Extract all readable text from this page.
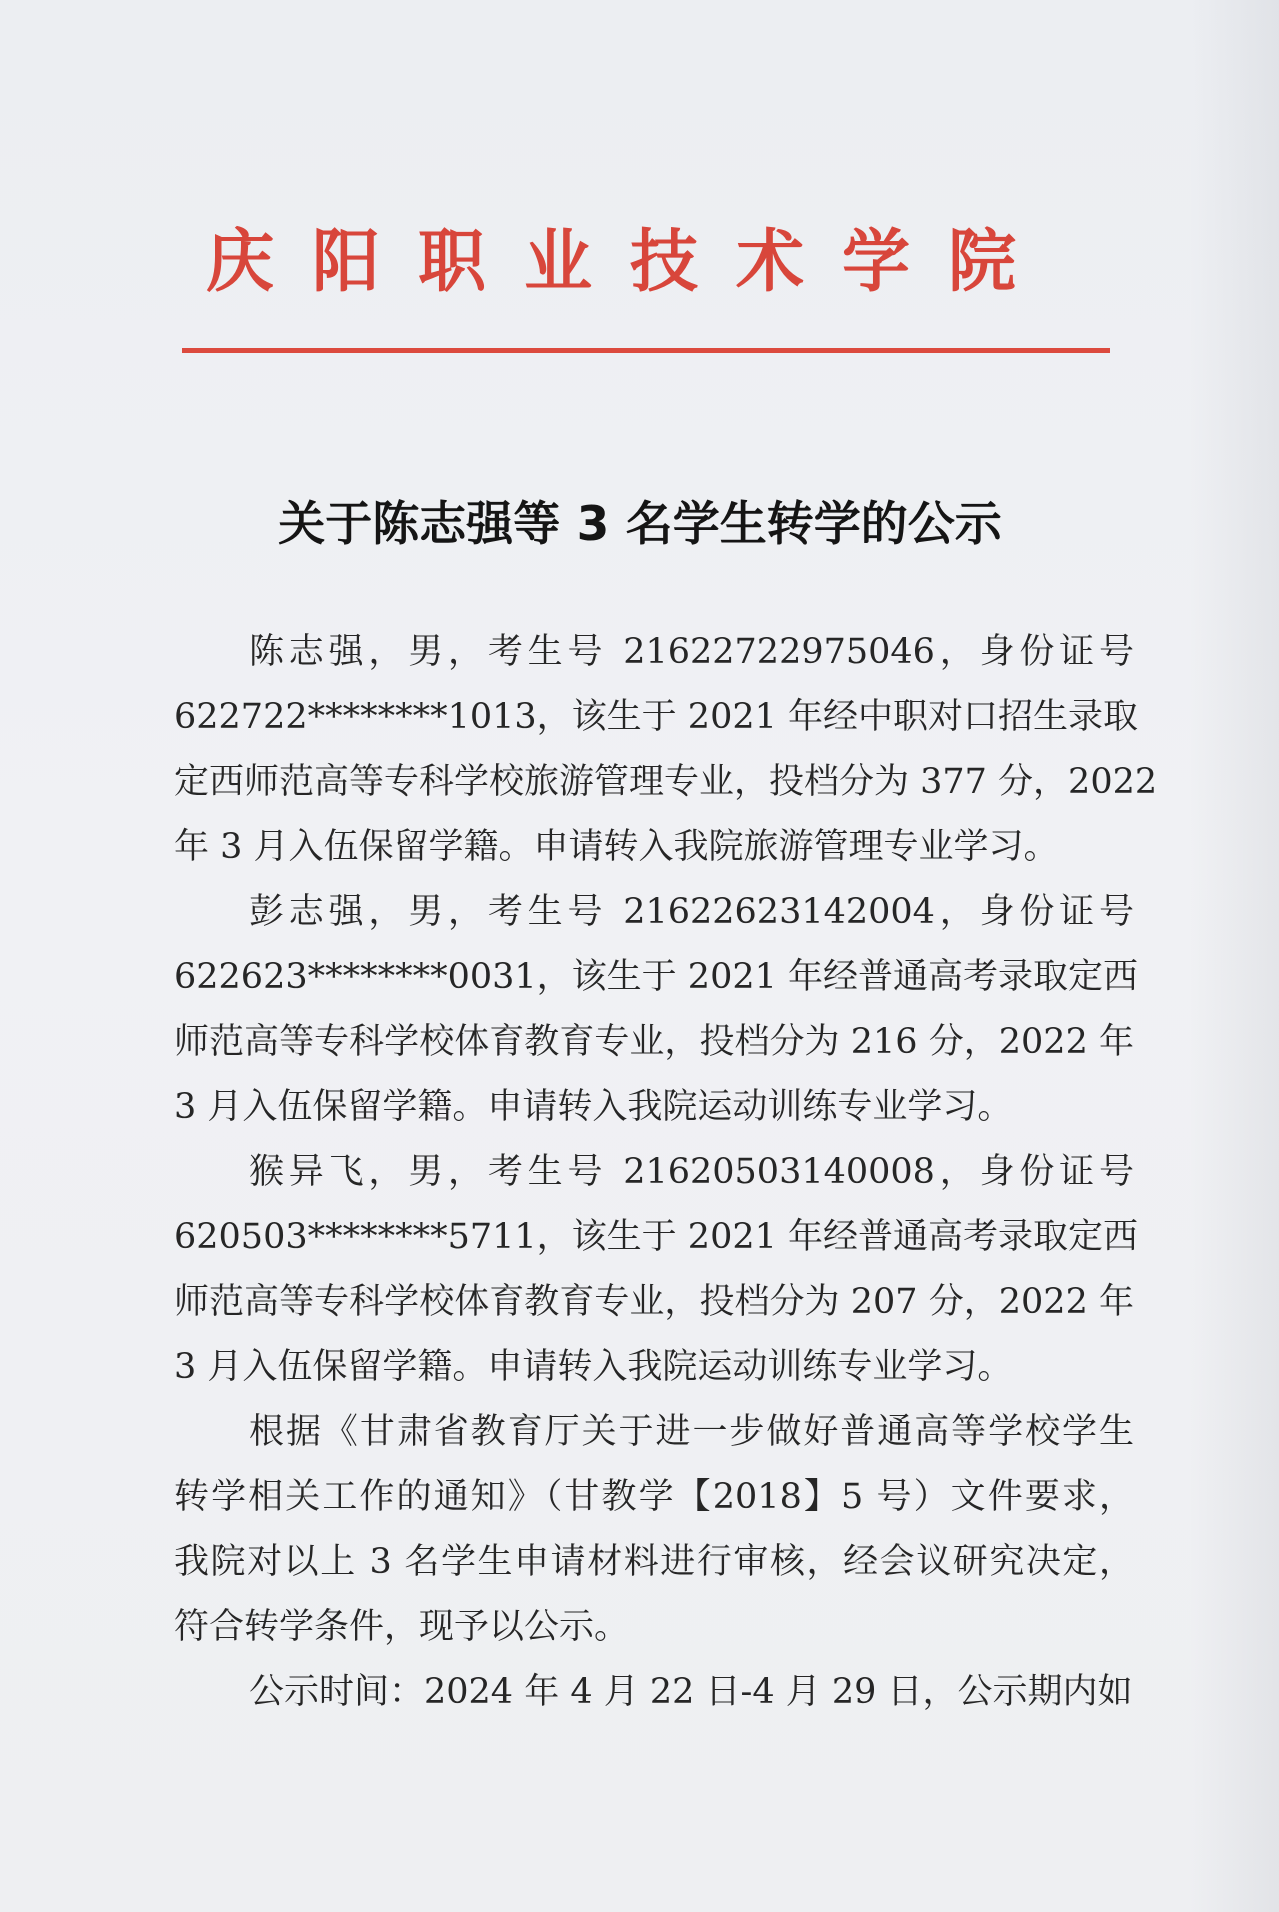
庆阳职业技术学院
关于陈志强等 3 名学生转学的公示
陈志强，男，考生号 21622722975046，身份证号
622722********1013，该生于 2021 年经中职对口招生录取
定西师范高等专科学校旅游管理专业，投档分为 377 分，2022
年 3 月入伍保留学籍。申请转入我院旅游管理专业学习。
彭志强，男，考生号 21622623142004，身份证号
622623********0031，该生于 2021 年经普通高考录取定西
师范高等专科学校体育教育专业，投档分为 216 分，2022 年
3 月入伍保留学籍。申请转入我院运动训练专业学习。
猴异飞，男，考生号 21620503140008，身份证号
620503********5711，该生于 2021 年经普通高考录取定西
师范高等专科学校体育教育专业，投档分为 207 分，2022 年
3 月入伍保留学籍。申请转入我院运动训练专业学习。
根据《甘肃省教育厅关于进一步做好普通高等学校学生
转学相关工作的通知》（甘教学【2018】5 号）文件要求，
我院对以上 3 名学生申请材料进行审核，经会议研究决定，
符合转学条件，现予以公示。
公示时间：2024 年 4 月 22 日-4 月 29 日，公示期内如
